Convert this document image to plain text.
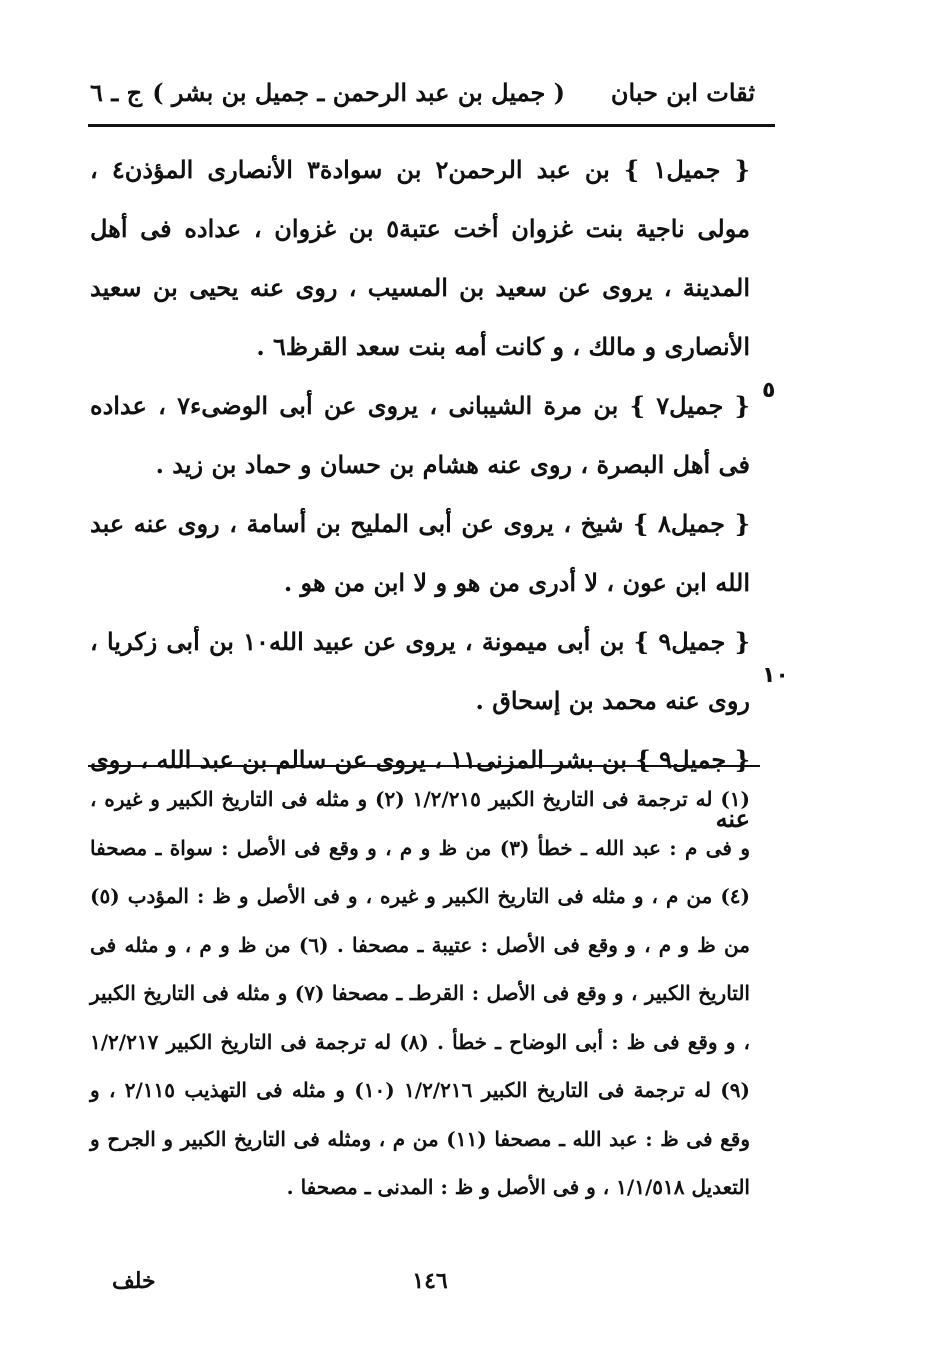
ثقات ابن حبان
( جميل بن عبد الرحمن ـ جميل بن بشر )
ج ـ ٦
٥
١٠

{ جميل١ } بن عبد الرحمن٢ بن سوادة٣ الأنصارى المؤذن٤ ، مولى ناجية بنت غزوان أخت عتبة٥ بن غزوان ، عداده فى أهل المدينة ، يروى عن سعيد بن المسيب ، روى عنه يحيى بن سعيد الأنصارى و مالك ، و كانت أمه بنت سعد القرظ٦ .

{ جميل٧ } بن مرة الشيبانى ، يروى عن أبى الوضىء٧ ، عداده فى أهل البصرة ، روى عنه هشام بن حسان و حماد بن زيد .

{ جميل٨ } شيخ ، يروى عن أبى المليح بن أسامة ، روى عنه عبد الله ابن عون ، لا أدرى من هو و لا ابن من هو .

{ جميل٩ } بن أبى ميمونة ، يروى عن عبيد الله١٠ بن أبى زكريا ، روى عنه محمد بن إسحاق .

{ جميل٩ } بن بشر المزنى١١ ، يروى عن سالم بن عبد الله ، روى عنه

(١) له ترجمة فى التاريخ الكبير ١/٢/٢١٥ (٢) و مثله فى التاريخ الكبير و غيره ، و فى م : عبد الله ـ خطأ (٣) من ظ و م ، و وقع فى الأصل : سواة ـ مصحفا (٤) من م ، و مثله فى التاريخ الكبير و غيره ، و فى الأصل و ظ : المؤدب (٥) من ظ و م ، و وقع فى الأصل : عتيبة ـ مصحفا . (٦) من ظ و م ، و مثله فى التاريخ الكبير ، و وقع فى الأصل : القرطـ ـ مصحفا (٧) و مثله فى التاريخ الكبير ، و وقع فى ظ : أبى الوضاح ـ خطأ . (٨) له ترجمة فى التاريخ الكبير ١/٢/٢١٧ (٩) له ترجمة فى التاريخ الكبير ١/٢/٢١٦ (١٠) و مثله فى التهذيب ٢/١١٥ ، و وقع فى ظ : عبد الله ـ مصحفا (١١) من م ، ومثله فى التاريخ الكبير و الجرح و التعديل ١/١/٥١٨ ، و فى الأصل و ظ : المدنى ـ مصحفا .
خلف	١٤٦
